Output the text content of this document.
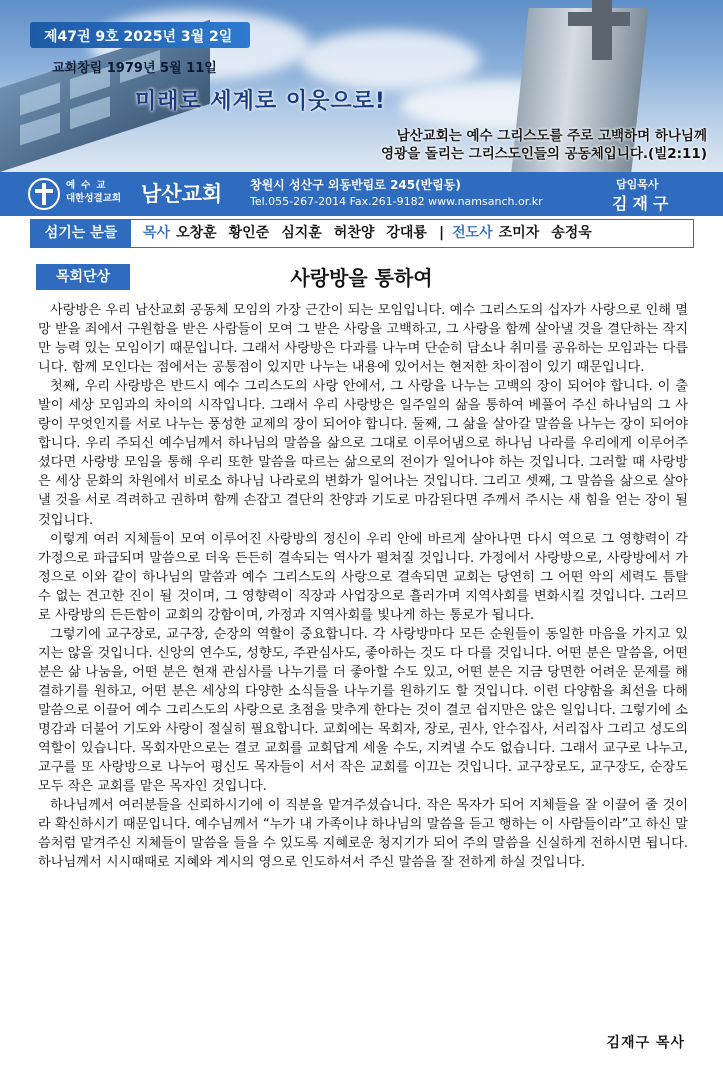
제47권 9호 2025년 3월 2일
교회창립 1979년 5월 11일
미래로 세계로 이웃으로!
남산교회는 예수 그리스도를 주로 고백하며 하나님께
영광을 돌리는 그리스도인들의 공동체입니다.(빌2:11)
예수교
대한성결교회 남산교회 창원시 성산구 외동반림로 245(반림동)
Tel.055-267-2014 Fax.261-9182 www.namsanch.or.kr
담임목사
김재구
섬기는 분들	목사 오창훈 황인준 심지훈 허찬양 강대룡 | 전도사 조미자 송정욱
목회단상	사랑방을 통하여

사랑방은 우리 남산교회 공동체 모임의 가장 근간이 되는 모임입니다. 예수 그리스도의 십자가 사랑으로 인해 멸망 받을 죄에서 구원함을 받은 사람들이 모여 그 받은 사랑을 고백하고, 그 사랑을 함께 살아낼 것을 결단하는 작지만 능력 있는 모임이기 때문입니다. 그래서 사랑방은 다과를 나누며 단순히 담소나 취미를 공유하는 모임과는 다릅니다. 함께 모인다는 점에서는 공통점이 있지만 나누는 내용에 있어서는 현저한 차이점이 있기 때문입니다.

첫째, 우리 사랑방은 반드시 예수 그리스도의 사랑 안에서, 그 사랑을 나누는 고백의 장이 되어야 합니다. 이 출발이 세상 모임과의 차이의 시작입니다. 그래서 우리 사랑방은 일주일의 삶을 통하여 베풀어 주신 하나님의 그 사랑이 무엇인지를 서로 나누는 풍성한 교제의 장이 되어야 합니다. 둘째, 그 삶을 살아갈 말씀을 나누는 장이 되어야 합니다. 우리 주되신 예수님께서 하나님의 말씀을 삶으로 그대로 이루어냄으로 하나님 나라를 우리에게 이루어주셨다면 사랑방 모임을 통해 우리 또한 말씀을 따르는 삶으로의 전이가 일어나야 하는 것입니다. 그러할 때 사랑방은 세상 문화의 차원에서 비로소 하나님 나라로의 변화가 일어나는 것입니다. 그리고 셋째, 그 말씀을 삶으로 살아낼 것을 서로 격려하고 권하며 함께 손잡고 결단의 찬양과 기도로 마감된다면 주께서 주시는 새 힘을 얻는 장이 될 것입니다.

이렇게 여러 지체들이 모여 이루어진 사랑방의 정신이 우리 안에 바르게 살아나면 다시 역으로 그 영향력이 각 가정으로 파급되며 말씀으로 더욱 든든히 결속되는 역사가 펼쳐질 것입니다. 가정에서 사랑방으로, 사랑방에서 가정으로 이와 같이 하나님의 말씀과 예수 그리스도의 사랑으로 결속되면 교회는 당연히 그 어떤 악의 세력도 틈탈 수 없는 견고한 진이 될 것이며, 그 영향력이 직장과 사업장으로 흘러가며 지역사회를 변화시킬 것입니다. 그러므로 사랑방의 든든함이 교회의 강함이며, 가정과 지역사회를 빛나게 하는 통로가 됩니다.

그렇기에 교구장로, 교구장, 순장의 역할이 중요합니다. 각 사랑방마다 모든 순원들이 동일한 마음을 가지고 있지는 않을 것입니다. 신앙의 연수도, 성향도, 주관심사도, 좋아하는 것도 다 다를 것입니다. 어떤 분은 말씀을, 어떤 분은 삶 나눔을, 어떤 분은 현재 관심사를 나누기를 더 좋아할 수도 있고, 어떤 분은 지금 당면한 어려운 문제를 해결하기를 원하고, 어떤 분은 세상의 다양한 소식들을 나누기를 원하기도 할 것입니다. 이런 다양함을 최선을 다해 말씀으로 이끌어 예수 그리스도의 사랑으로 초점을 맞추게 한다는 것이 결코 쉽지만은 않은 일입니다. 그렇기에 소명감과 더불어 기도와 사랑이 절실히 필요합니다. 교회에는 목회자, 장로, 권사, 안수집사, 서리집사 그리고 성도의 역할이 있습니다. 목회자만으로는 결코 교회를 교회답게 세울 수도, 지켜낼 수도 없습니다. 그래서 교구로 나누고, 교구를 또 사랑방으로 나누어 평신도 목자들이 서서 작은 교회를 이끄는 것입니다. 교구장로도, 교구장도, 순장도 모두 작은 교회를 맡은 목자인 것입니다.

하나님께서 여러분들을 신뢰하시기에 이 직분을 맡겨주셨습니다. 작은 목자가 되어 지체들을 잘 이끌어 줄 것이라 확신하시기 때문입니다. 예수님께서 “누가 내 가족이냐 하나님의 말씀을 듣고 행하는 이 사람들이라”고 하신 말씀처럼 맡겨주신 지체들이 말씀을 들을 수 있도록 지혜로운 청지기가 되어 주의 말씀을 신실하게 전하시면 됩니다. 하나님께서 시시때때로 지혜와 계시의 영으로 인도하셔서 주신 말씀을 잘 전하게 하실 것입니다.

김재구 목사
